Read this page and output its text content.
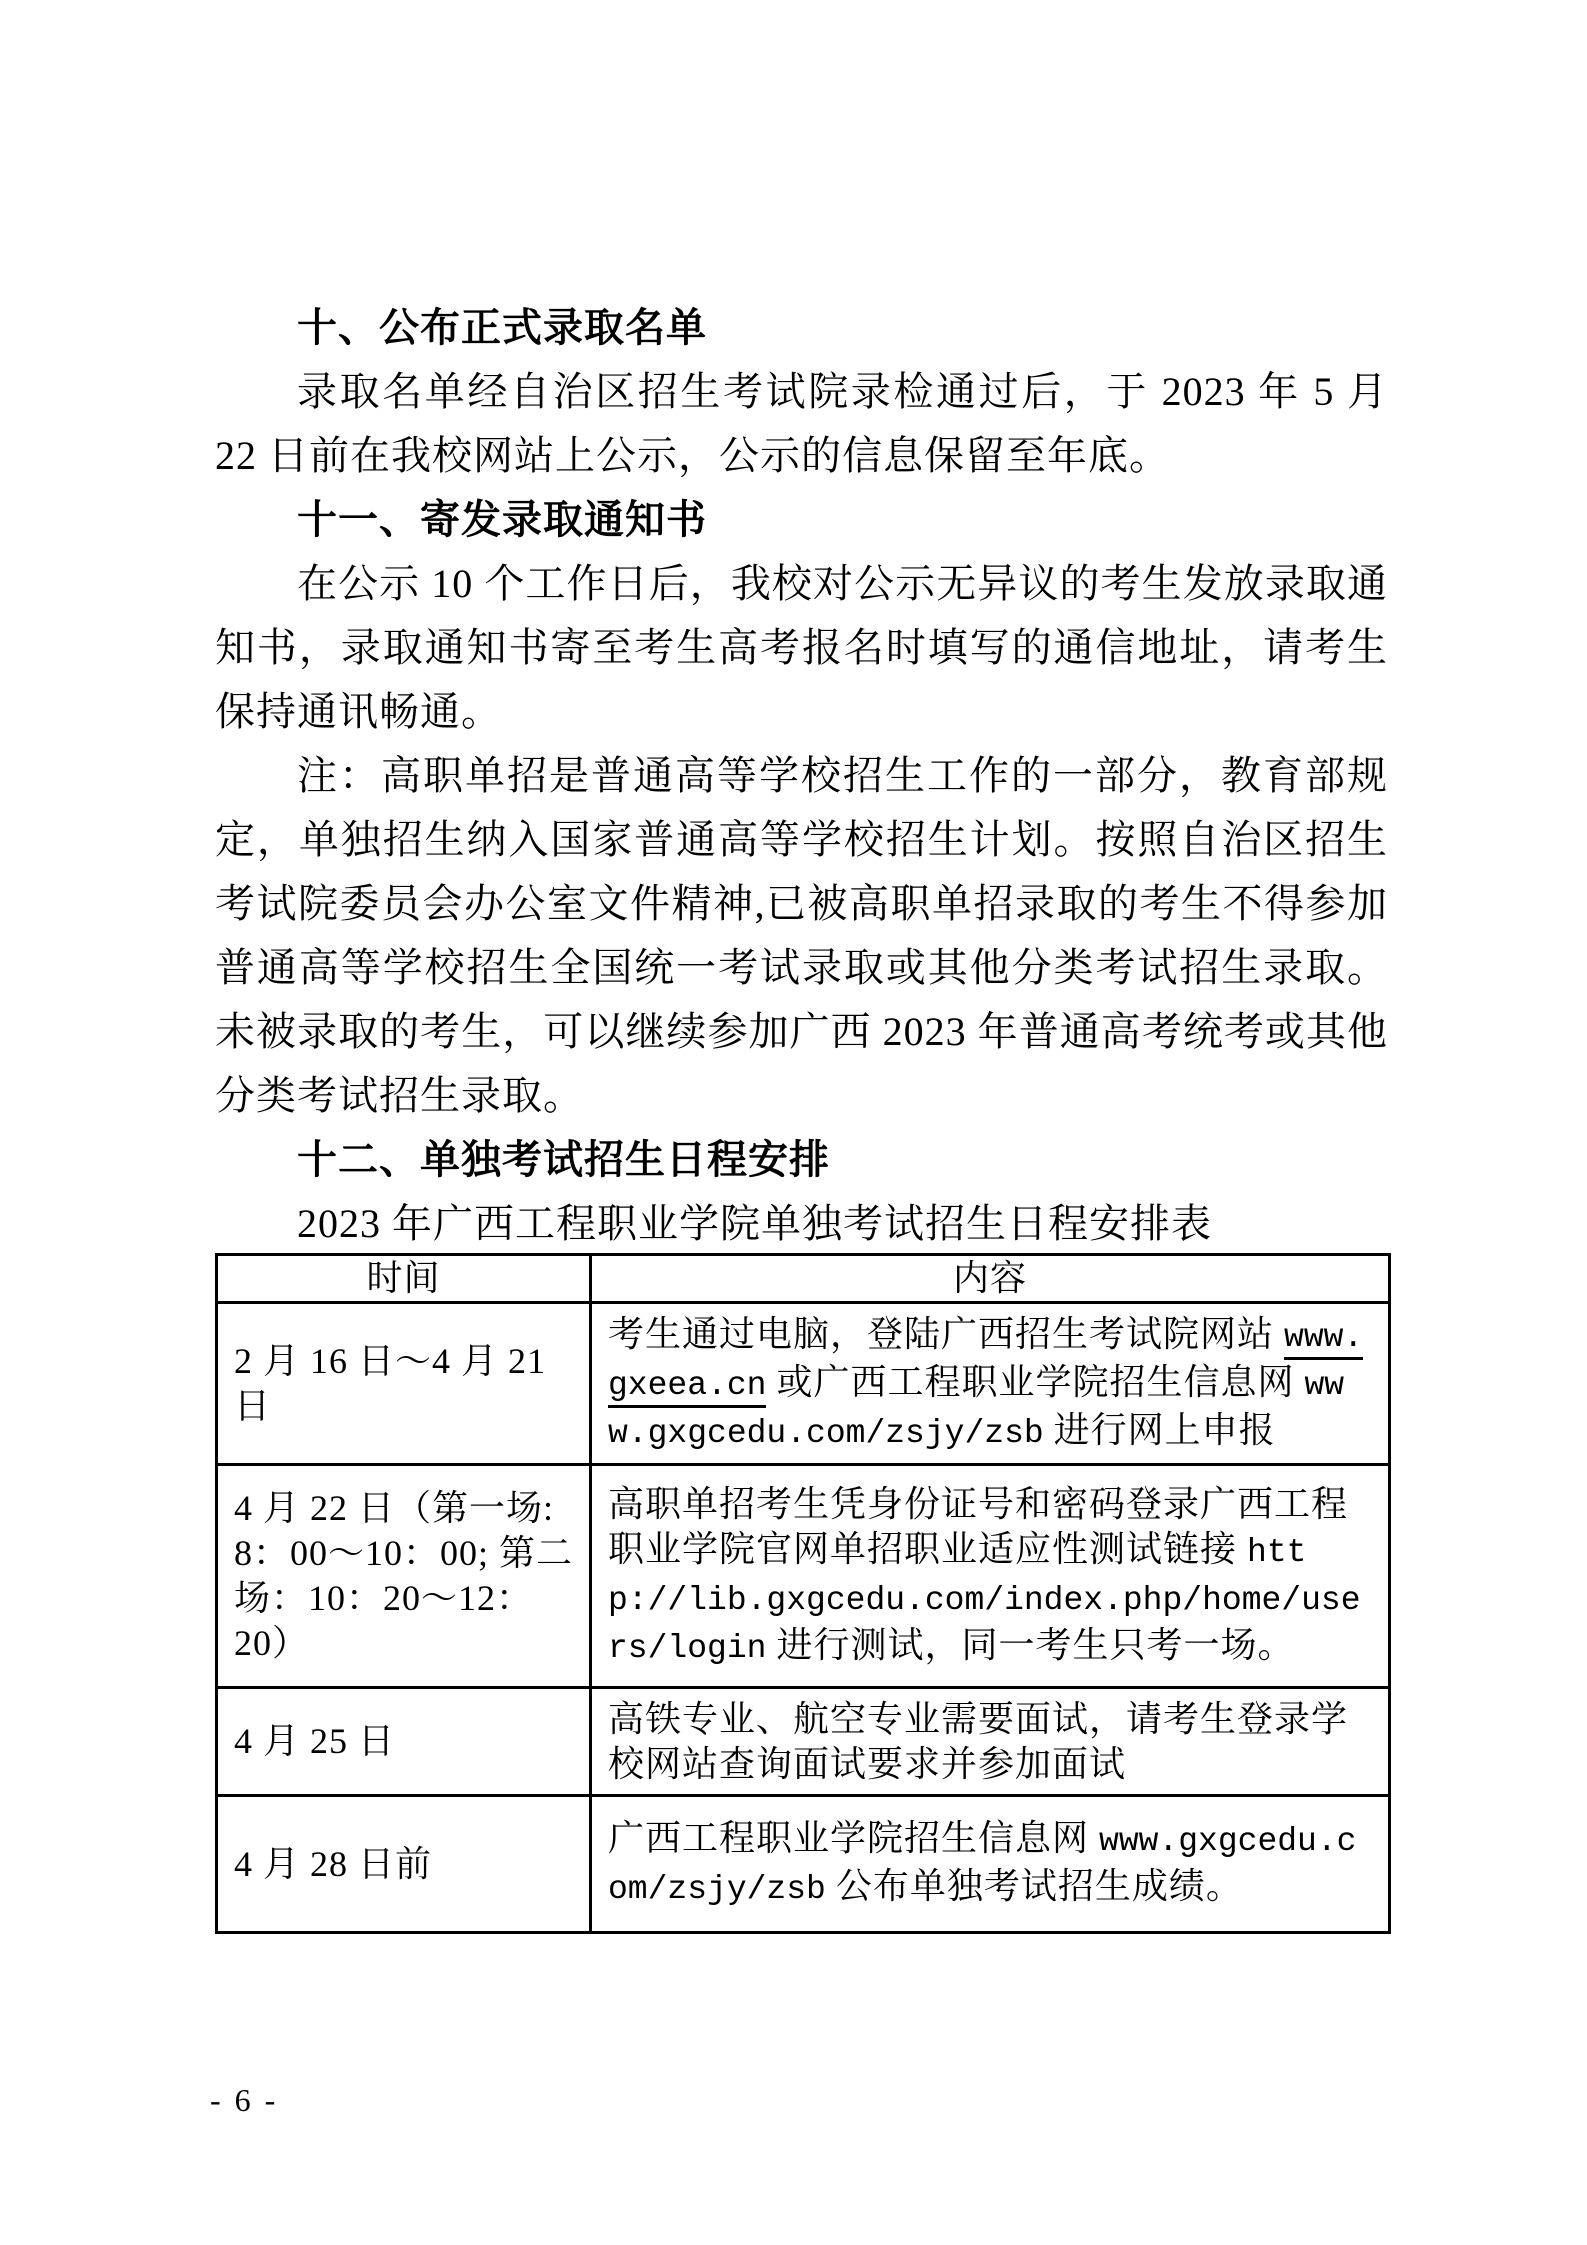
十、公布正式录取名单

录取名单经自治区招生考试院录检通过后，于 2023 年 5 月 22 日前在我校网站上公示，公示的信息保留至年底。

十一、寄发录取通知书

在公示 10 个工作日后，我校对公示无异议的考生发放录取通知书，录取通知书寄至考生高考报名时填写的通信地址，请考生保持通讯畅通。

注：高职单招是普通高等学校招生工作的一部分，教育部规定，单独招生纳入国家普通高等学校招生计划。按照自治区招生考试院委员会办公室文件精神,已被高职单招录取的考生不得参加普通高等学校招生全国统一考试录取或其他分类考试招生录取。未被录取的考生，可以继续参加广西 2023 年普通高考统考或其他分类考试招生录取。

十二、单独考试招生日程安排

2023 年广西工程职业学院单独考试招生日程安排表

时间	内容
2 月 16 日～4 月 21 日	考生通过电脑，登陆广西招生考试院网站 www.gxeea.cn 或广西工程职业学院招生信息网 www.gxgcedu.com/zsjy/zsb 进行网上申报
4 月 22 日（第一场: 8：00～10：00; 第二场：10：20～12：20）	高职单招考生凭身份证号和密码登录广西工程职业学院官网单招职业适应性测试链接 http://lib.gxgcedu.com/index.php/home/users/login 进行测试，同一考生只考一场。
4 月 25 日	高铁专业、航空专业需要面试，请考生登录学校网站查询面试要求并参加面试
4 月 28 日前	广西工程职业学院招生信息网 www.gxgcedu.com/zsjy/zsb 公布单独考试招生成绩。
- 6 -
